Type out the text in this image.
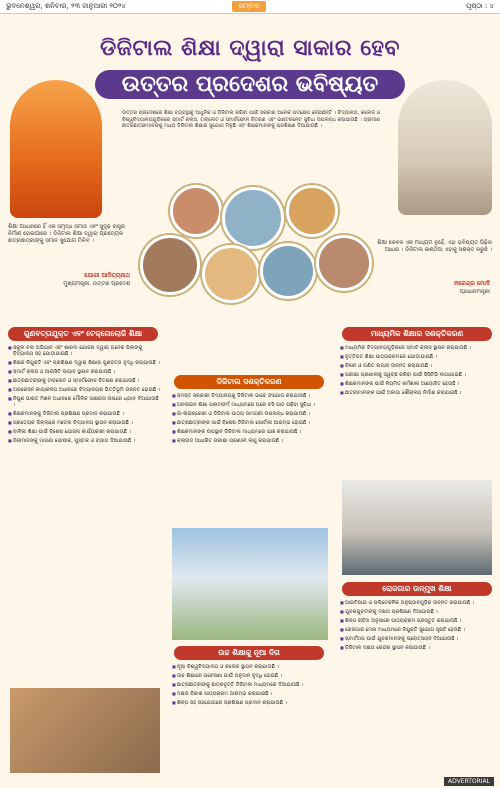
ଭୁବନେଶ୍ୱର, ଶନିବାର, ୨୩ ଜାନୁଆରୀ ୨୦୨୪	ପୃଷ୍ଠା : ୪
ସମ୍ବାଦ
ଡିଜିଟାଲ ଶିକ୍ଷା ଦ୍ୱାରା ସାକାର ହେବ
ଉତ୍ତର ପ୍ରଦେଶର ଭବିଷ୍ୟତ
ଉତ୍ତର ପ୍ରଦେଶରେ ଶିକ୍ଷା ବ୍ୟବସ୍ଥାକୁ ଆଧୁନିକ ଓ ଡିଜିଟାଲ କରିବା ପାଇଁ ସରକାର ଅନେକ ପଦକ୍ଷେପ ନେଇଛନ୍ତି । ବିଦ୍ୟାଳୟ, କଲେଜ ଓ ବିଶ୍ୱବିଦ୍ୟାଳୟଗୁଡ଼ିକରେ ସ୍ମାର୍ଟ କ୍ଲାସ, ଟାବଲେଟ ଓ ସ୍ମାର୍ଟଫୋନ ବିତରଣ ଏବଂ ଇଣ୍ଟରନେଟ ସୁବିଧା ଉପଲବ୍ଧ କରାଯାଉଛି । ଗ୍ରାମୀଣ ଛାତ୍ରଛାତ୍ରୀମାନଙ୍କୁ ମଧ୍ୟ ଡିଜିଟାଲ ଶିକ୍ଷାର ସୁଯୋଗ ମିଳୁଛି ଏବଂ ଶିକ୍ଷକମାନଙ୍କୁ ପ୍ରଶିକ୍ଷଣ ଦିଆଯାଉଛି ।
ଶିକ୍ଷା ଆଧାରରେ ହିଁ ଏକ ସମୃଦ୍ଧ ସମାଜ ଏବଂ ସୁଦୃଢ଼ ରାଷ୍ଟ୍ର ନିର୍ମାଣ ହୋଇପାରେ । ଡିଜିଟାଲ ଶିକ୍ଷା ଦ୍ୱାରା ପ୍ରତ୍ୟେକ ଛାତ୍ରଛାତ୍ରୀଙ୍କୁ ସମାନ ସୁଯୋଗ ମିଳିବ ।
ଯୋଗୀ ଆଦିତ୍ୟନାଥ
ମୁଖ୍ୟମନ୍ତ୍ରୀ, ଉତ୍ତର ପ୍ରଦେଶ
ଶିକ୍ଷା କେବଳ ଏକ ମାଧ୍ୟମ ନୁହେଁ, ଏହା ଭବିଷ୍ୟତ ପିଢ଼ିର ଆଧାର । ଡିଜିଟାଲ ଇଣ୍ଡିଆ ଏହାକୁ ସଶକ୍ତ କରୁଛି ।
ନରେନ୍ଦ୍ର ମୋଦି
ପ୍ରଧାନମନ୍ତ୍ରୀ
ଗୁଣବତ୍ତାଯୁକ୍ତ ଏବଂ ଟେକ୍ନୋଲୋଜି ଶିକ୍ଷା

■ ସ୍କୁଲ ଚଲ ଅଭିଯାନ ଏବଂ ଶାରଦା ଯୋଜନା ଦ୍ୱାରା ଅନେକ ପିଲାଙ୍କୁ ବିଦ୍ୟାଳୟ ସହ ଯୋଡ଼ାଯାଇଛି ।

■ ଶିକ୍ଷକ ନିଯୁକ୍ତି ଏବଂ ପ୍ରଶିକ୍ଷଣ ଦ୍ୱାରା ଶିକ୍ଷାର ଗୁଣବତ୍ତା ବୃଦ୍ଧି କରାଯାଉଛି ।

■ ସ୍ମାର୍ଟ କ୍ଲାସ ଓ ଆଇସିଟି ଲ୍ୟାବ ସ୍ଥାପନ କରାଯାଉଛି ।

■ ଛାତ୍ରଛାତ୍ରୀଙ୍କୁ ଟାବଲେଟ ଓ ସ୍ମାର୍ଟଫୋନ ବିତରଣ କରାଯାଉଛି ।

■ ଅପରେସନ କାୟାକଳ୍ପ ଅଧୀନରେ ବିଦ୍ୟାଳୟର ଭିତ୍ତିଭୂମି ଉନ୍ନତ ହୋଇଛି ।

■ ନିପୁଣ ଭାରତ ମିଶନ ଅଧୀନରେ ମୌଳିକ ସାକ୍ଷରତା ଉପରେ ଧ୍ୟାନ ଦିଆଯାଉଛି ।

■ ଶିକ୍ଷକମାନଙ୍କୁ ଡିଜିଟାଲ ପ୍ରଶିକ୍ଷଣ ପ୍ରଦାନ କରାଯାଉଛି ।

■ ପ୍ରତ୍ୟେକ ଜିଲ୍ଲାରେ ମଡେଲ ବିଦ୍ୟାଳୟ ସ୍ଥାପନ କରାଯାଉଛି ।

■ ବାଳିକା ଶିକ୍ଷା ପାଇଁ ବିଶେଷ ଯୋଜନା କାର୍ଯ୍ୟକାରୀ କରାଯାଉଛି ।

■ ପିଲାମାନଙ୍କୁ ମାଗଣା ପୋଷାକ, ପୁସ୍ତକ ଓ ବ୍ୟାଗ ଦିଆଯାଉଛି ।

ଡିଜିଟାଲ ସଶକ୍ତିକରଣ

■ ସମସ୍ତ ସରକାରୀ ବିଦ୍ୟାଳୟକୁ ଡିଜିଟାଲ ଭାବେ ସଂଯୋଗ କରାଯାଉଛି ।

■ ଅନଲାଇନ ଶିକ୍ଷା ପ୍ଲାଟଫର୍ମ ମାଧ୍ୟମରେ ଘରେ ବସି ପାଠ ପଢ଼ିବା ସୁବିଧା ।

■ ଇ-ଲାଇବ୍ରେରୀ ଓ ଡିଜିଟାଲ ପାଠ୍ୟ ସାମଗ୍ରୀ ଉପଲବ୍ଧ କରାଯାଉଛି ।

■ ଛାତ୍ରଛାତ୍ରୀଙ୍କ ପାଇଁ ବିଶେଷ ଡିଜିଟାଲ ପୋର୍ଟାଲ ଆରମ୍ଭ ହୋଇଛି ।

■ ଶିକ୍ଷକମାନଙ୍କ ଉପସ୍ଥାନ ଡିଜିଟାଲ ମାଧ୍ୟମରେ ଯାଞ୍ଚ କରାଯାଉଛି ।

■ କ୍ଲାଉଡ ଆଧାରିତ ପରୀକ୍ଷା ପ୍ରଣାଳୀ ଲାଗୁ କରାଯାଉଛି ।

ଉଚ୍ଚ ଶିକ୍ଷାକୁ ନୂଆ ଦିଗ

■ ନୂଆ ବିଶ୍ୱବିଦ୍ୟାଳୟ ଓ କଲେଜ ସ୍ଥାପନ କରାଯାଉଛି ।

■ ଉଚ୍ଚ ଶିକ୍ଷାରେ ଗବେଷଣା ପାଇଁ ଅନୁଦାନ ବୃଦ୍ଧି ହୋଇଛି ।

■ ଛାତ୍ରଛାତ୍ରୀଙ୍କୁ ଛାତ୍ରବୃତ୍ତି ଡିଜିଟାଲ ମାଧ୍ୟମରେ ଦିଆଯାଉଛି ।

■ ଦକ୍ଷତା ବିକାଶ ପାଠ୍ୟକ୍ରମ ଆରମ୍ଭ କରାଯାଇଛି ।

■ ଶିଳ୍ପ ସହ ସହଯୋଗରେ ପ୍ରଶିକ୍ଷଣ ପ୍ରଦାନ କରାଯାଉଛି ।

ମାଧ୍ୟମିକ ଶିକ୍ଷାର ସଶକ୍ତିକରଣ

■ ମାଧ୍ୟମିକ ବିଦ୍ୟାଳୟଗୁଡ଼ିକରେ ସ୍ମାର୍ଟ କ୍ଲାସ ସ୍ଥାପନ କରାଯାଉଛି ।

■ ବୃତ୍ତିଗତ ଶିକ୍ଷା ପାଠ୍ୟକ୍ରମରେ ଯୋଡ଼ାଯାଇଛି ।

■ ବିଜ୍ଞାନ ଓ ଗଣିତ ଲ୍ୟାବ ଉନ୍ନତ କରାଯାଉଛି ।

■ ପରୀକ୍ଷା ପ୍ରଣାଳୀକୁ ସ୍ୱଚ୍ଛ କରିବା ପାଇଁ ସିସିଟିଭି ଲଗାଯାଇଛି ।

■ ଶିକ୍ଷକମାନଙ୍କ ପାଇଁ ନିୟମିତ କର୍ମଶାଳା ଆୟୋଜିତ ହେଉଛି ।

■ ଛାତ୍ରୀମାନଙ୍କ ପାଇଁ ଅଲଗା ଶୌଚାଳୟ ନିର୍ମାଣ କରାଯାଇଛି ।

ରୋଜଗାର ଉନ୍ମୁଖ ଶିକ୍ଷା

■ ଆଇଟିଆଇ ଓ ପଲିଟେକ୍ନିକ ଅନୁଷ୍ଠାନଗୁଡ଼ିକ ଉନ୍ନତ କରାଯାଉଛି ।

■ ଯୁବକଯୁବତୀଙ୍କୁ ଦକ୍ଷତା ପ୍ରଶିକ୍ଷଣ ଦିଆଯାଉଛି ।

■ ଶିଳ୍ପ ଚାହିଦା ଅନୁସାରେ ପାଠ୍ୟକ୍ରମ ପ୍ରସ୍ତୁତ କରାଯାଉଛି ।

■ ରୋଜଗାର ମେଳା ମାଧ୍ୟମରେ ନିଯୁକ୍ତି ସୁଯୋଗ ସୃଷ୍ଟି ହେଉଛି ।

■ ଷ୍ଟାର୍ଟଅପ ପାଇଁ ଯୁବକମାନଙ୍କୁ ପ୍ରୋତ୍ସାହନ ଦିଆଯାଉଛି ।

■ ଡିଜିଟାଲ ଦକ୍ଷତା କେନ୍ଦ୍ର ସ୍ଥାପନ କରାଯାଉଛି ।

ADVERTORIAL
